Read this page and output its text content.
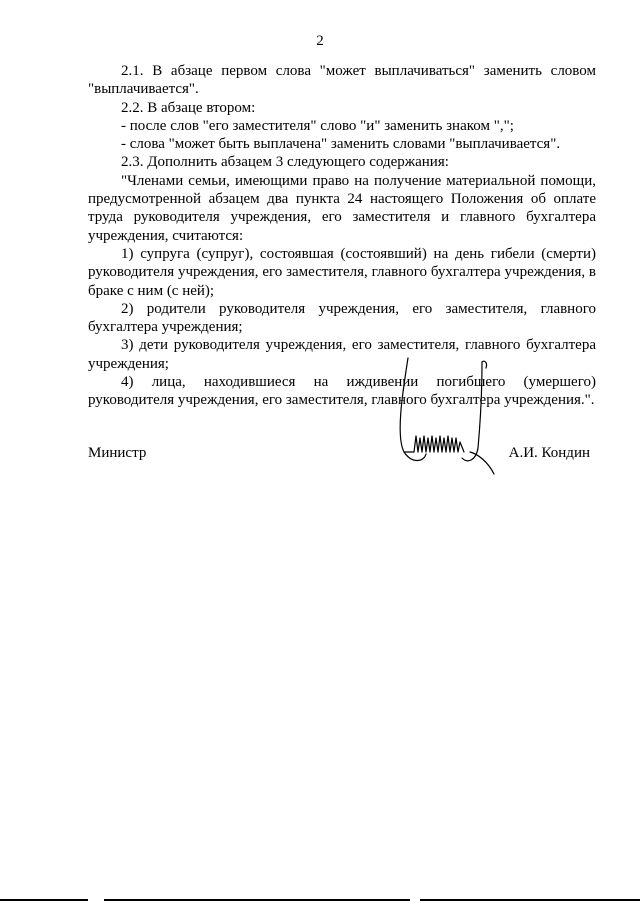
2

2.1. В абзаце первом слова "может выплачиваться" заменить словом "выплачивается".

2.2. В абзаце втором:

- после слов "его заместителя" слово "и" заменить знаком ",";

- слова "может быть выплачена" заменить словами "выплачивается".

2.3. Дополнить абзацем 3 следующего содержания:

"Членами семьи, имеющими право на получение материальной помощи, предусмотренной абзацем два пункта 24 настоящего Положения об оплате труда руководителя учреждения, его заместителя и главного бухгалтера учреждения, считаются:

1) супруга (супруг), состоявшая (состоявший) на день гибели (смерти) руководителя учреждения, его заместителя, главного бухгалтера учреждения, в браке с ним (с ней);

2) родители руководителя учреждения, его заместителя, главного бухгалтера учреждения;

3) дети руководителя учреждения, его заместителя, главного бухгалтера учреждения;

4) лица, находившиеся на иждивении погибшего (умершего) руководителя учреждения, его заместителя, главного бухгалтера учреждения.".

Министр	А.И. Кондин
